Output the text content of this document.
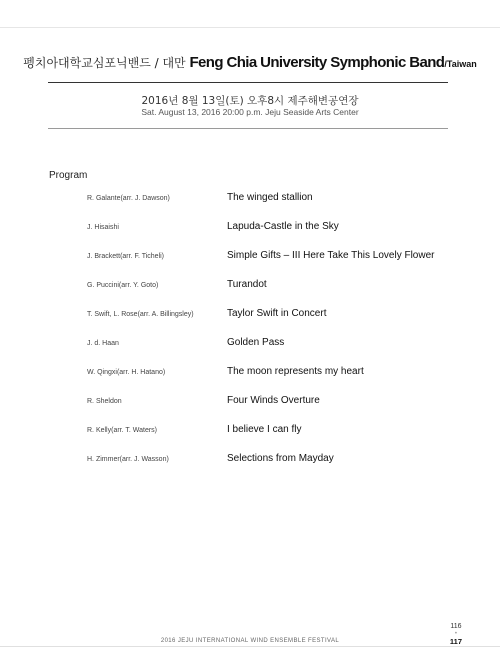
펭치아대학교심포닉밴드 / 대만 Feng Chia University Symphonic Band/Taiwan
2016년 8월 13일(토) 오후8시 제주해변공연장
Sat. August 13, 2016 20:00 p.m. Jeju Seaside Arts Center
Program
R. Galante(arr. J. Dawson)	The winged stallion
J. Hisaishi	Lapuda-Castle in the Sky
J. Brackett(arr. F. Ticheli)	Simple Gifts – III Here Take This Lovely Flower
G. Puccini(arr. Y. Goto)	Turandot
T. Swift, L. Rose(arr. A. Billingsley)	Taylor Swift in Concert
J. d. Haan	Golden Pass
W. Qingxi(arr. H. Hatano)	The moon represents my heart
R. Sheldon	Four Winds Overture
R. Kelly(arr. T. Waters)	I believe I can fly
H. Zimmer(arr. J. Wasson)	Selections from Mayday
116
•
117
2016 JEJU INTERNATIONAL WIND ENSEMBLE FESTIVAL
